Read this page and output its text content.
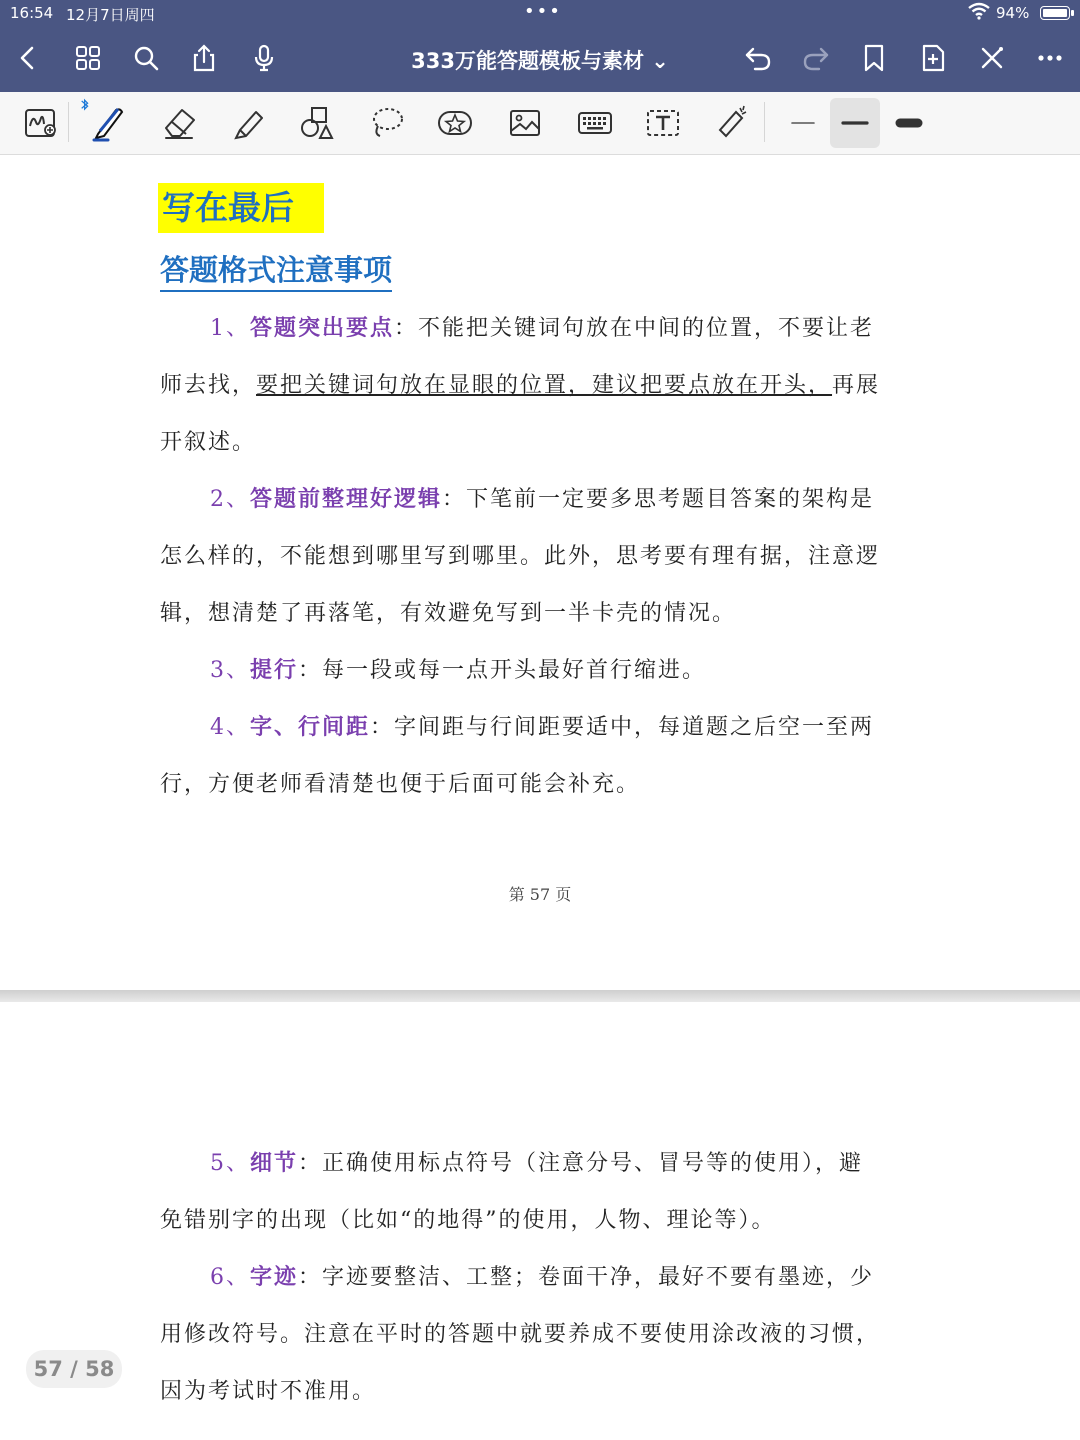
16:54 12月7日周四	•••	94%
333万能答题模板与素材 ⌄
写在最后
答题格式注意事项
1、答题突出要点：不能把关键词句放在中间的位置，不要让老
师去找，要把关键词句放在显眼的位置，建议把要点放在开头，再展
开叙述。
2、答题前整理好逻辑：下笔前一定要多思考题目答案的架构是
怎么样的，不能想到哪里写到哪里。此外，思考要有理有据，注意逻
辑，想清楚了再落笔，有效避免写到一半卡壳的情况。
3、提行：每一段或每一点开头最好首行缩进。
4、字、行间距：字间距与行间距要适中，每道题之后空一至两
行，方便老师看清楚也便于后面可能会补充。
第 57 页
5、细节：正确使用标点符号（注意分号、冒号等的使用），避
免错别字的出现（比如“的地得”的使用，人物、理论等）。
6、字迹：字迹要整洁、工整；卷面干净，最好不要有墨迹，少
用修改符号。注意在平时的答题中就要养成不要使用涂改液的习惯，
因为考试时不准用。
57 / 58
